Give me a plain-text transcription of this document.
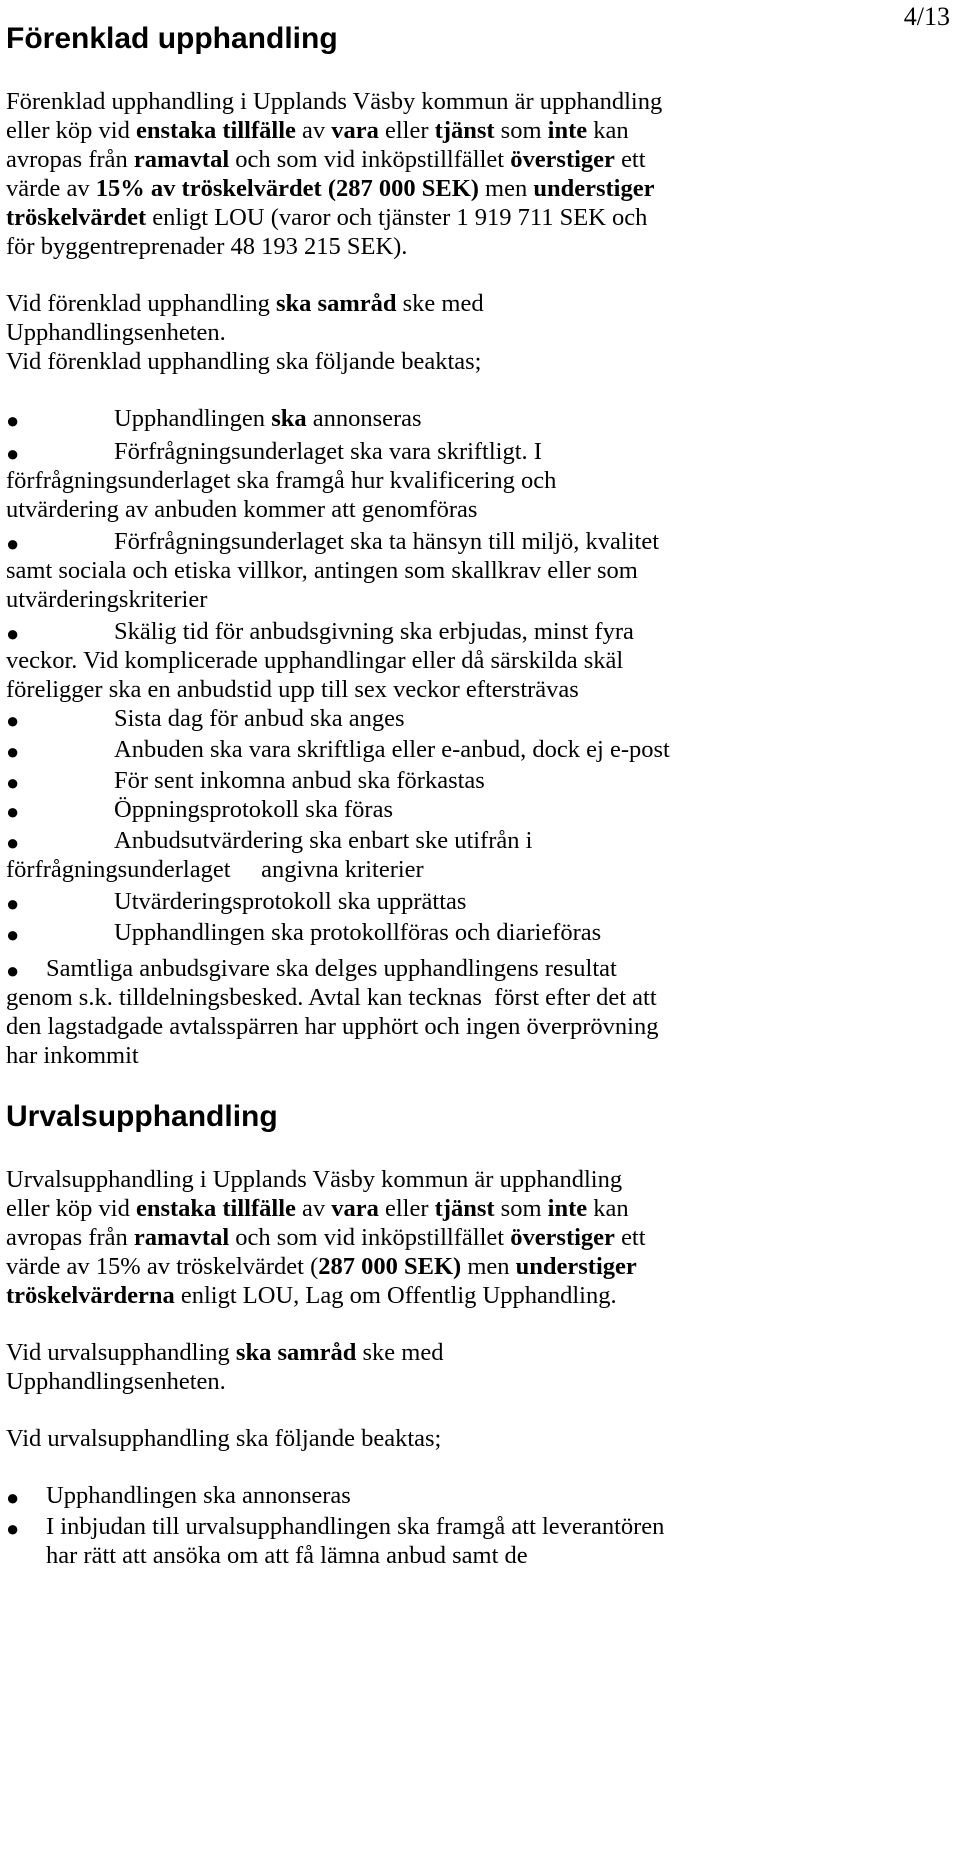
4/13
Förenklad upphandling
Förenklad upphandling i Upplands Väsby kommun är upphandling
eller köp vid enstaka tillfälle av vara eller tjänst som inte kan
avropas från ramavtal och som vid inköpstillfället överstiger ett
värde av 15% av tröskelvärdet (287 000 SEK) men understiger
tröskelvärdet enligt LOU (varor och tjänster 1 919 711 SEK och
för byggentreprenader 48 193 215 SEK).
Vid förenklad upphandling ska samråd ske med
Upphandlingsenheten.
Vid förenklad upphandling ska följande beaktas;
●	Upphandlingen ska annonseras
●	Förfrågningsunderlaget ska vara skriftligt. I
förfrågningsunderlaget ska framgå hur kvalificering och
utvärdering av anbuden kommer att genomföras
●	Förfrågningsunderlaget ska ta hänsyn till miljö, kvalitet
samt sociala och etiska villkor, antingen som skallkrav eller som
utvärderingskriterier
●	Skälig tid för anbudsgivning ska erbjudas, minst fyra
veckor. Vid komplicerade upphandlingar eller då särskilda skäl
föreligger ska en anbudstid upp till sex veckor eftersträvas
●	Sista dag för anbud ska anges
●	Anbuden ska vara skriftliga eller e-anbud, dock ej e-post
●	För sent inkomna anbud ska förkastas
●	Öppningsprotokoll ska föras
●	Anbudsutvärdering ska enbart ske utifrån i
förfrågningsunderlaget     angivna kriterier
●	Utvärderingsprotokoll ska upprättas
●	Upphandlingen ska protokollföras och diarieföras
● Samtliga anbudsgivare ska delges upphandlingens resultat
genom s.k. tilldelningsbesked. Avtal kan tecknas  först efter det att
den lagstadgade avtalsspärren har upphört och ingen överprövning
har inkommit
Urvalsupphandling
Urvalsupphandling i Upplands Väsby kommun är upphandling
eller köp vid enstaka tillfälle av vara eller tjänst som inte kan
avropas från ramavtal och som vid inköpstillfället överstiger ett
värde av 15% av tröskelvärdet (287 000 SEK) men understiger
tröskelvärderna enligt LOU, Lag om Offentlig Upphandling.
Vid urvalsupphandling ska samråd ske med
Upphandlingsenheten.
Vid urvalsupphandling ska följande beaktas;
● Upphandlingen ska annonseras
● I inbjudan till urvalsupphandlingen ska framgå att leverantören
har rätt att ansöka om att få lämna anbud samt de
